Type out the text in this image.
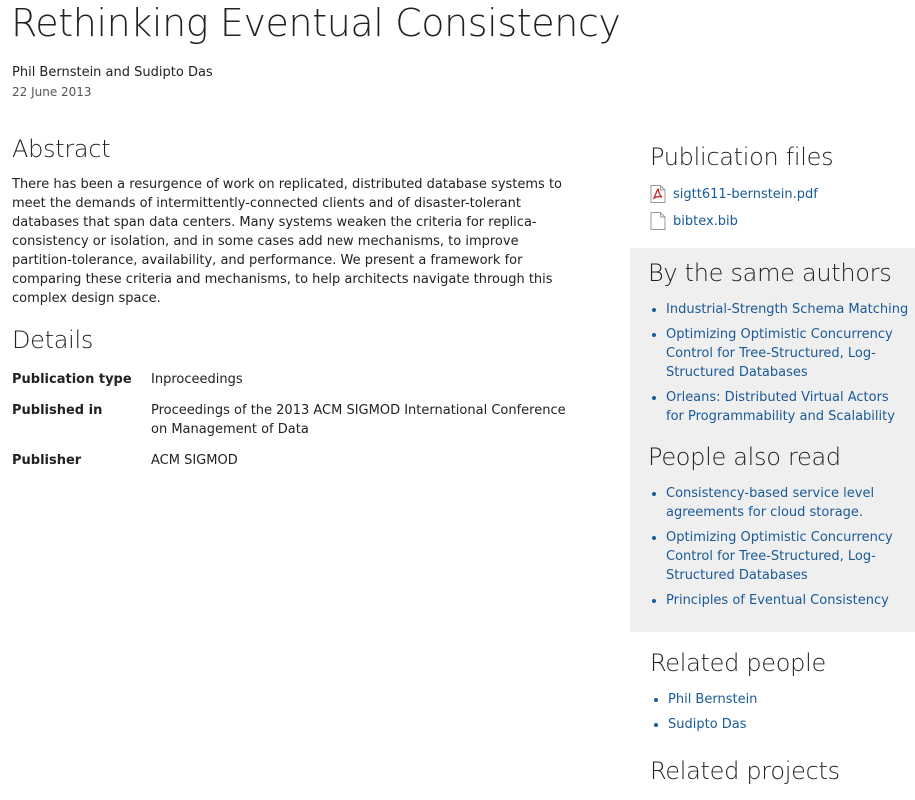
Rethinking Eventual Consistency
Phil Bernstein and Sudipto Das
22 June 2013
Abstract

There has been a resurgence of work on replicated, distributed database systems to meet the demands of intermittently-connected clients and of disaster-tolerant databases that span data centers. Many systems weaken the criteria for replica-consistency or isolation, and in some cases add new mechanisms, to improve partition-tolerance, availability, and performance. We present a framework for comparing these criteria and mechanisms, to help architects navigate through this complex design space.

Details
Publication type	Inproceedings
Published in	Proceedings of the 2013 ACM SIGMOD International Conference on Management of Data
Publisher	ACM SIGMOD
Publication files
sigtt611-bernstein.pdf
bibtex.bib
By the same authors
• Industrial-Strength Schema Matching
• Optimizing Optimistic Concurrency Control for Tree-Structured, Log-Structured Databases
• Orleans: Distributed Virtual Actors for Programmability and Scalability
People also read
• Consistency-based service level agreements for cloud storage.
• Optimizing Optimistic Concurrency Control for Tree-Structured, Log-Structured Databases
• Principles of Eventual Consistency
Related people
• Phil Bernstein
• Sudipto Das
Related projects
